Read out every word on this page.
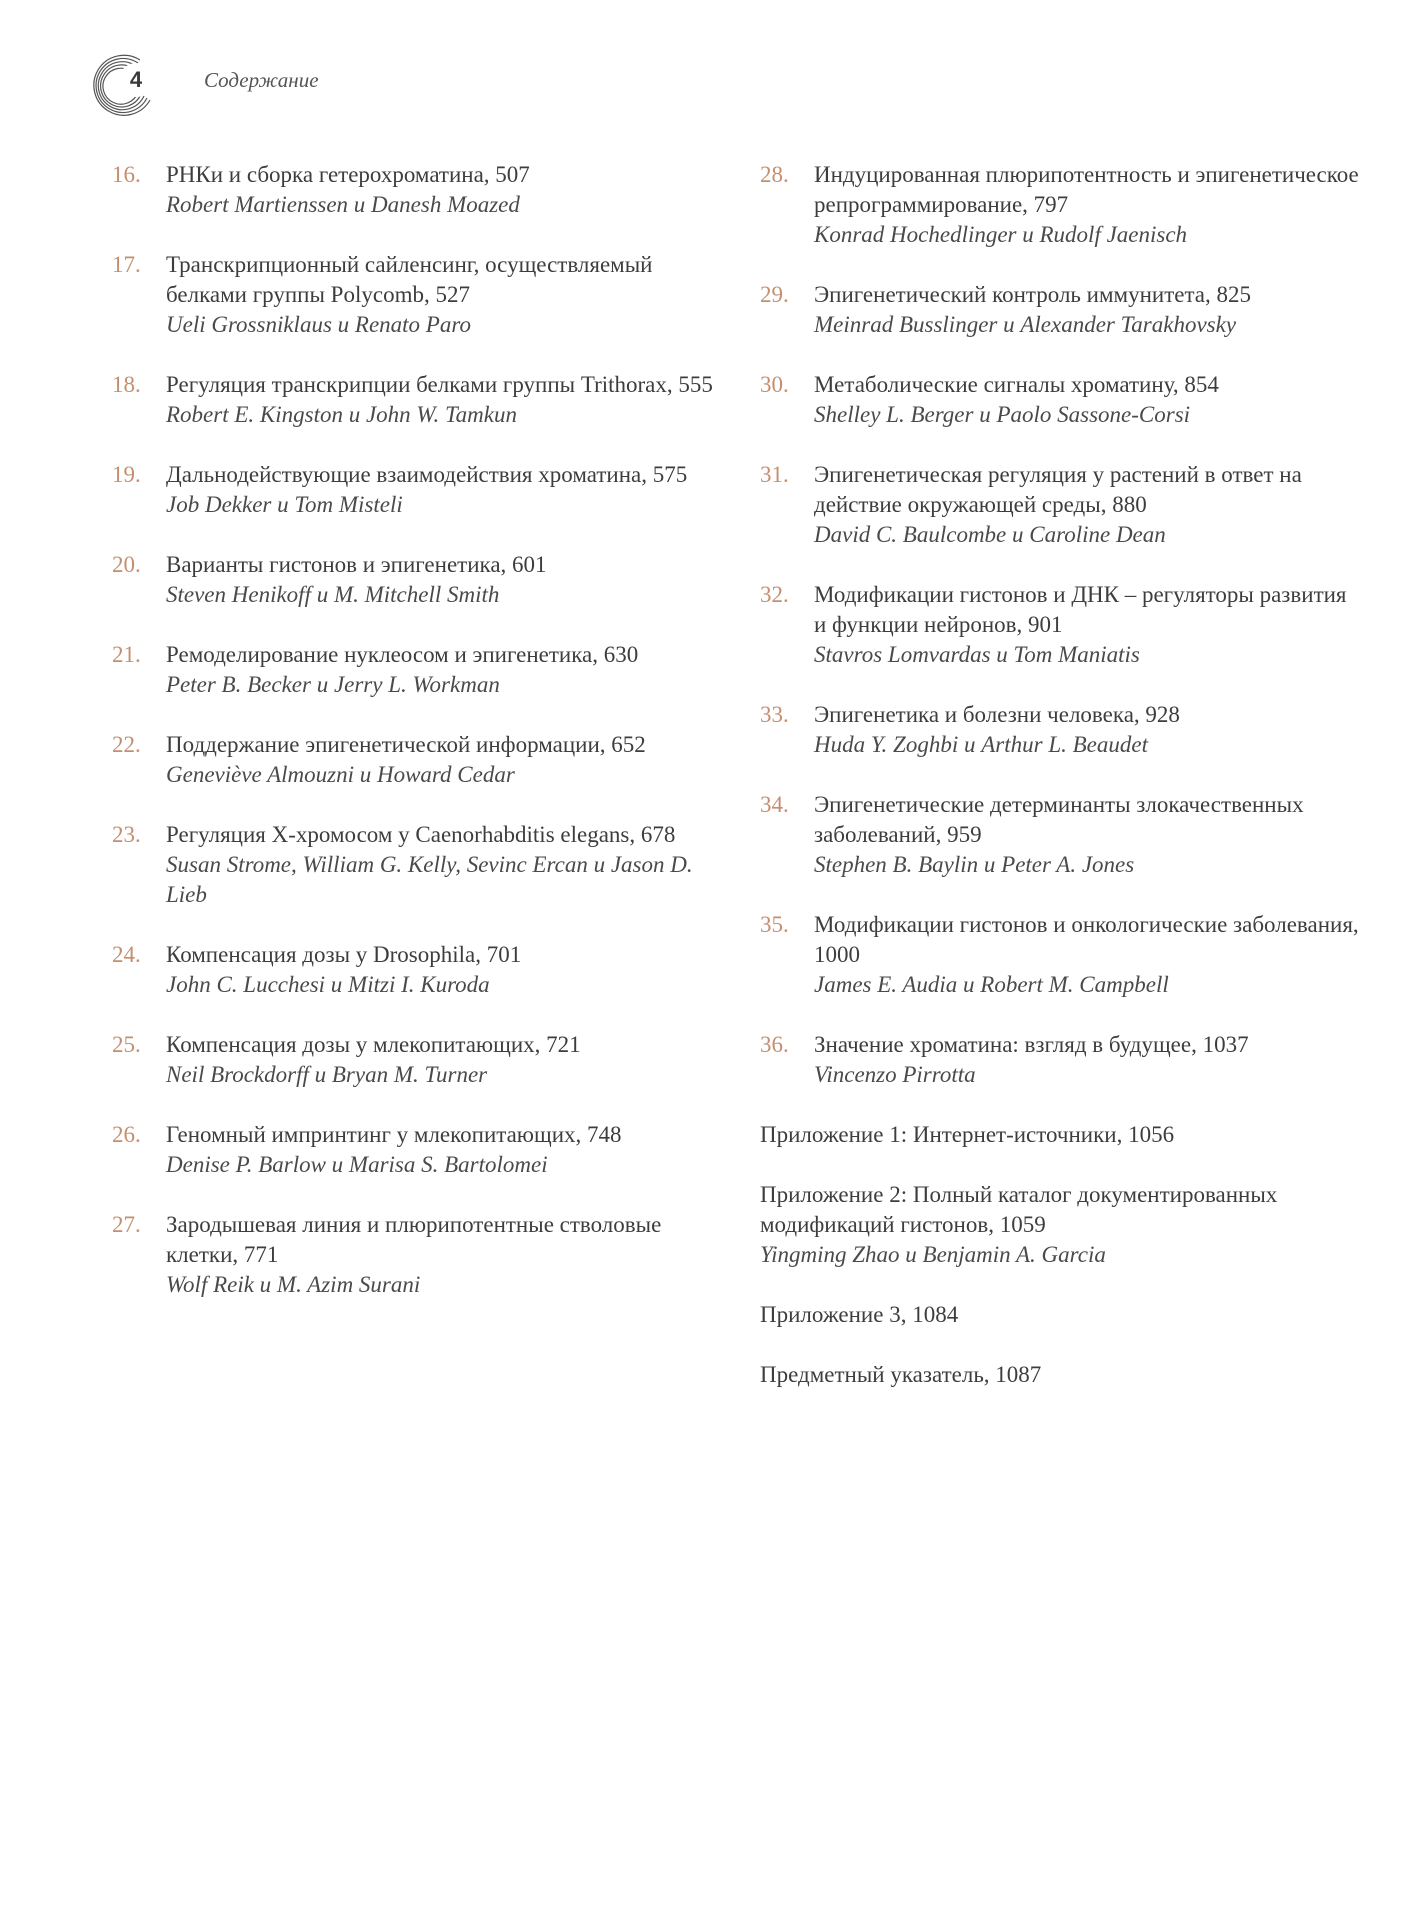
4	Содержание
16. РНКи и сборка гетерохроматина, 507
Robert Martienssen и Danesh Moazed
17. Транскрипционный сайленсинг, осуществляемый белками группы Polycomb, 527
Ueli Grossniklaus и Renato Paro
18. Регуляция транскрипции белками группы Trithorax, 555
Robert E. Kingston и John W. Tamkun
19. Дальнодействующие взаимодействия хроматина, 575
Job Dekker и Tom Misteli
20. Варианты гистонов и эпигенетика, 601
Steven Henikoff и M. Mitchell Smith
21. Ремоделирование нуклеосом и эпигенетика, 630
Peter B. Becker и Jerry L. Workman
22. Поддержание эпигенетической информации, 652
Geneviève Almouzni и Howard Cedar
23. Регуляция X-хромосом у Caenorhabditis elegans, 678
Susan Strome, William G. Kelly, Sevinc Ercan и Jason D. Lieb
24. Компенсация дозы у Drosophila, 701
John C. Lucchesi и Mitzi I. Kuroda
25. Компенсация дозы у млекопитающих, 721
Neil Brockdorff и Bryan M. Turner
26. Геномный импринтинг у млекопитающих, 748
Denise P. Barlow и Marisa S. Bartolomei
27. Зародышевая линия и плюрипотентные стволовые клетки, 771
Wolf Reik и M. Azim Surani
28. Индуцированная плюрипотентность и эпигенетическое репрограммирование, 797
Konrad Hochedlinger и Rudolf Jaenisch
29. Эпигенетический контроль иммунитета, 825
Meinrad Busslinger и Alexander Tarakhovsky
30. Метаболические сигналы хроматину, 854
Shelley L. Berger и Paolo Sassone-Corsi
31. Эпигенетическая регуляция у растений в ответ на действие окружающей среды, 880
David C. Baulcombe и Caroline Dean
32. Модификации гистонов и ДНК – регуляторы развития и функции нейронов, 901
Stavros Lomvardas и Tom Maniatis
33. Эпигенетика и болезни человека, 928
Huda Y. Zoghbi и Arthur L. Beaudet
34. Эпигенетические детерминанты злокачественных заболеваний, 959
Stephen B. Baylin и Peter A. Jones
35. Модификации гистонов и онкологические заболевания, 1000
James E. Audia и Robert M. Campbell
36. Значение хроматина: взгляд в будущее, 1037
Vincenzo Pirrotta
Приложение 1: Интернет-источники, 1056
Приложение 2: Полный каталог документированных модификаций гистонов, 1059
Yingming Zhao и Benjamin A. Garcia
Приложение 3, 1084
Предметный указатель, 1087
